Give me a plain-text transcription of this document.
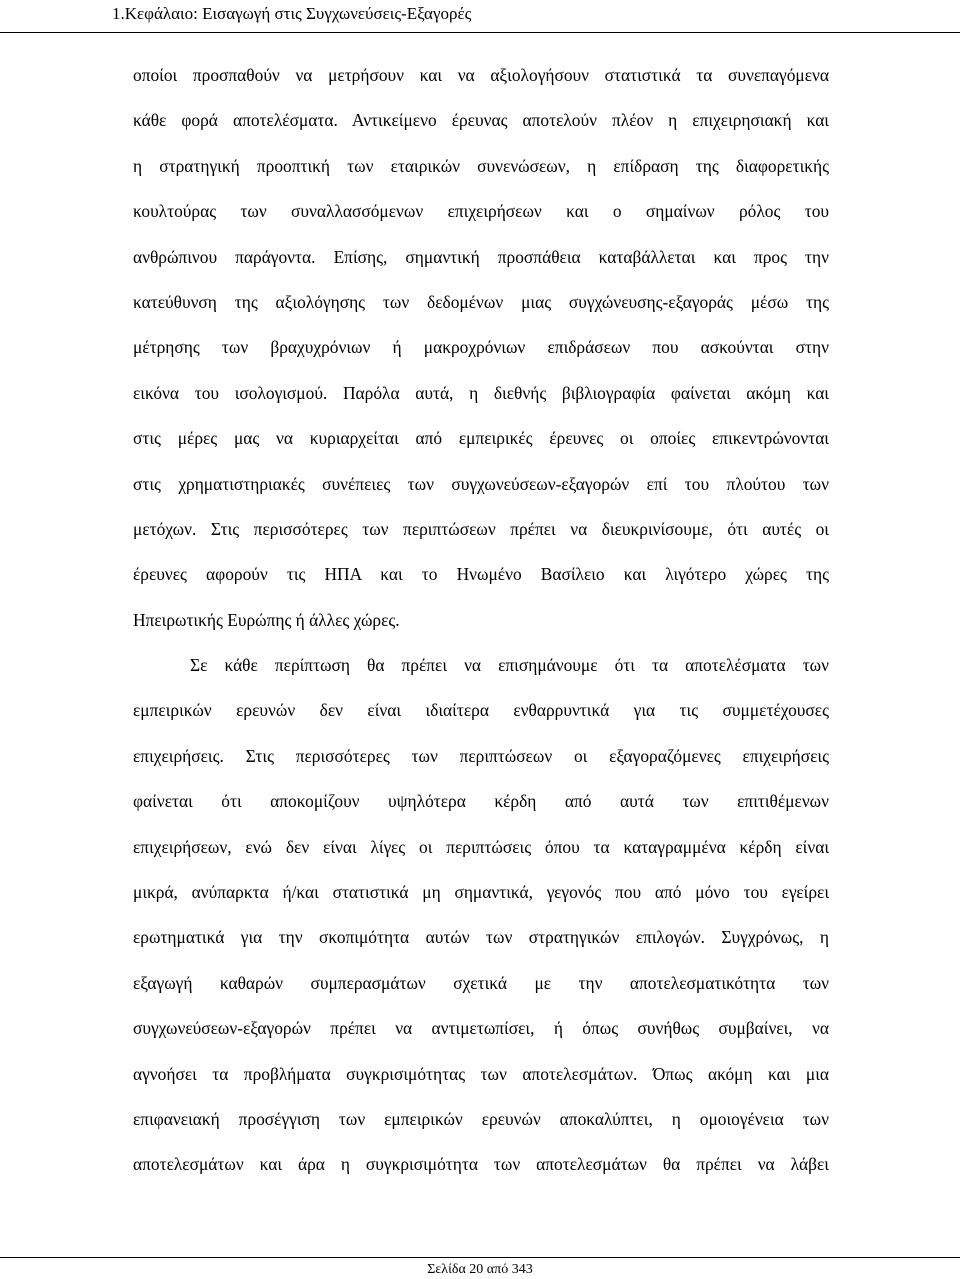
1.Κεφάλαιο: Εισαγωγή στις Συγχωνεύσεις-Εξαγορές
οποίοι προσπαθούν να μετρήσουν και να αξιολογήσουν στατιστικά τα συνεπαγόμενα
κάθε φορά αποτελέσματα. Αντικείμενο έρευνας αποτελούν πλέον η επιχειρησιακή και
η στρατηγική προοπτική των εταιρικών συνενώσεων, η επίδραση της διαφορετικής
κουλτούρας των συναλλασσόμενων επιχειρήσεων και ο σημαίνων ρόλος του
ανθρώπινου παράγοντα. Επίσης, σημαντική προσπάθεια καταβάλλεται και προς την
κατεύθυνση της αξιολόγησης των δεδομένων μιας συγχώνευσης-εξαγοράς μέσω της
μέτρησης των βραχυχρόνιων ή μακροχρόνιων επιδράσεων που ασκούνται στην
εικόνα του ισολογισμού. Παρόλα αυτά, η διεθνής βιβλιογραφία φαίνεται ακόμη και
στις μέρες μας να κυριαρχείται από εμπειρικές έρευνες οι οποίες επικεντρώνονται
στις χρηματιστηριακές συνέπειες των συγχωνεύσεων-εξαγορών επί του πλούτου των
μετόχων. Στις περισσότερες των περιπτώσεων πρέπει να διευκρινίσουμε, ότι αυτές οι
έρευνες αφορούν τις ΗΠΑ και το Ηνωμένο Βασίλειο και λιγότερο χώρες της
Ηπειρωτικής Ευρώπης ή άλλες χώρες.
Σε κάθε περίπτωση θα πρέπει να επισημάνουμε ότι τα αποτελέσματα των
εμπειρικών ερευνών δεν είναι ιδιαίτερα ενθαρρυντικά για τις συμμετέχουσες
επιχειρήσεις. Στις περισσότερες των περιπτώσεων οι εξαγοραζόμενες επιχειρήσεις
φαίνεται ότι αποκομίζουν υψηλότερα κέρδη από αυτά των επιτιθέμενων
επιχειρήσεων, ενώ δεν είναι λίγες οι περιπτώσεις όπου τα καταγραμμένα κέρδη είναι
μικρά, ανύπαρκτα ή/και στατιστικά μη σημαντικά, γεγονός που από μόνο του εγείρει
ερωτηματικά για την σκοπιμότητα αυτών των στρατηγικών επιλογών. Συγχρόνως, η
εξαγωγή καθαρών συμπερασμάτων σχετικά με την αποτελεσματικότητα των
συγχωνεύσεων-εξαγορών πρέπει να αντιμετωπίσει, ή όπως συνήθως συμβαίνει, να
αγνοήσει τα προβλήματα συγκρισιμότητας των αποτελεσμάτων. Όπως ακόμη και μια
επιφανειακή προσέγγιση των εμπειρικών ερευνών αποκαλύπτει, η ομοιογένεια των
αποτελεσμάτων και άρα η συγκρισιμότητα των αποτελεσμάτων θα πρέπει να λάβει
Σελίδα 20 από 343
